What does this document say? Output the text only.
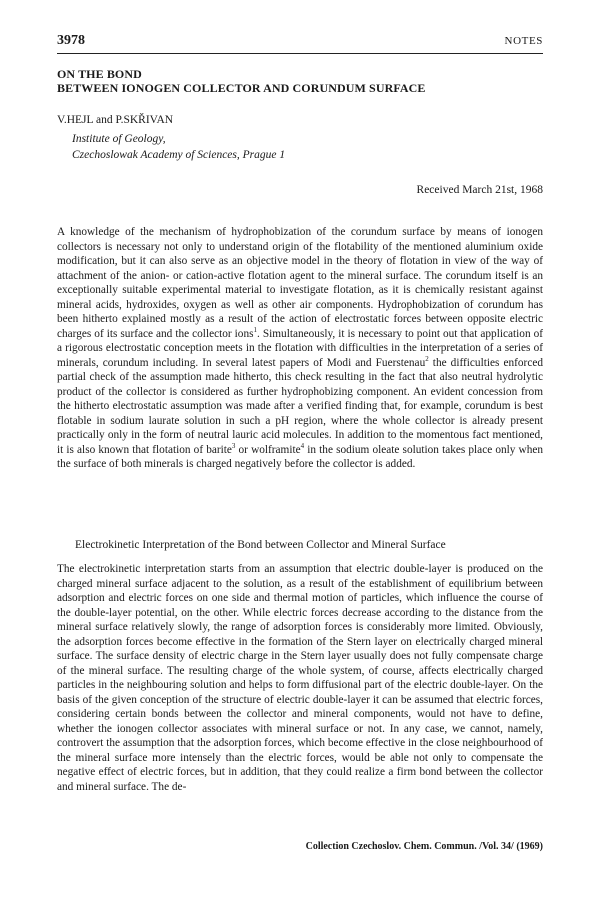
3978	NOTES
ON THE BOND
BETWEEN IONOGEN COLLECTOR AND CORUNDUM SURFACE
V.HEJL and P.SKŘIVAN
Institute of Geology,
Czechoslowak Academy of Sciences, Prague 1
Received March 21st, 1968
A knowledge of the mechanism of hydrophobization of the corundum surface by means of ionogen collectors is necessary not only to understand origin of the flotability of the mentioned aluminium oxide modification, but it can also serve as an objective model in the theory of flotation in view of the way of attachment of the anion- or cation-active flotation agent to the mineral surface. The corundum itself is an exceptionally suitable experimental material to investigate flotation, as it is chemically resistant against mineral acids, hydroxides, oxygen as well as other air components. Hydrophobization of corundum has been hitherto explained mostly as a result of the action of electrostatic forces between opposite electric charges of its surface and the collector ions$^1$. Simultaneously, it is necessary to point out that application of a rigorous electrostatic conception meets in the flotation with difficulties in the interpretation of a series of minerals, corundum including. In several latest papers of Modi and Fuerstenau$^2$ the difficulties enforced partial check of the assumption made hitherto, this check resulting in the fact that also neutral hydrolytic product of the collector is considered as further hydrophobizing component. An evident concession from the hitherto electrostatic assumption was made after a verified finding that, for example, corundum is best flotable in sodium laurate solution in such a pH region, where the whole collector is already present practically only in the form of neutral lauric acid molecules. In addition to the momentous fact mentioned, it is also known that flotation of barite$^3$ or wolframite$^4$ in the sodium oleate solution takes place only when the surface of both minerals is charged negatively before the collector is added.
Electrokinetic Interpretation of the Bond between Collector and Mineral Surface
The electrokinetic interpretation starts from an assumption that electric double-layer is produced on the charged mineral surface adjacent to the solution, as a result of the establishment of equilibrium between adsorption and electric forces on one side and thermal motion of particles, which influence the course of the double-layer potential, on the other. While electric forces decrease according to the distance from the mineral surface relatively slowly, the range of adsorption forces is considerably more limited. Obviously, the adsorption forces become effective in the formation of the Stern layer on electrically charged mineral surface. The surface density of electric charge in the Stern layer usually does not fully compensate charge of the mineral surface. The resulting charge of the whole system, of course, affects electrically charged particles in the neighbouring solution and helps to form diffusional part of the electric double-layer. On the basis of the given conception of the structure of electric double-layer it can be assumed that electric forces, considering certain bonds between the collector and mineral components, would not have to define, whether the ionogen collector associates with mineral surface or not. In any case, we cannot, namely, controvert the assumption that the adsorption forces, which become effective in the close neighbourhood of the mineral surface more intensely than the electric forces, would be able not only to compensate the negative effect of electric forces, but in addition, that they could realize a firm bond between the collector and mineral surface. The de-
Collection Czechoslov. Chem. Commun. /Vol. 34/ (1969)
